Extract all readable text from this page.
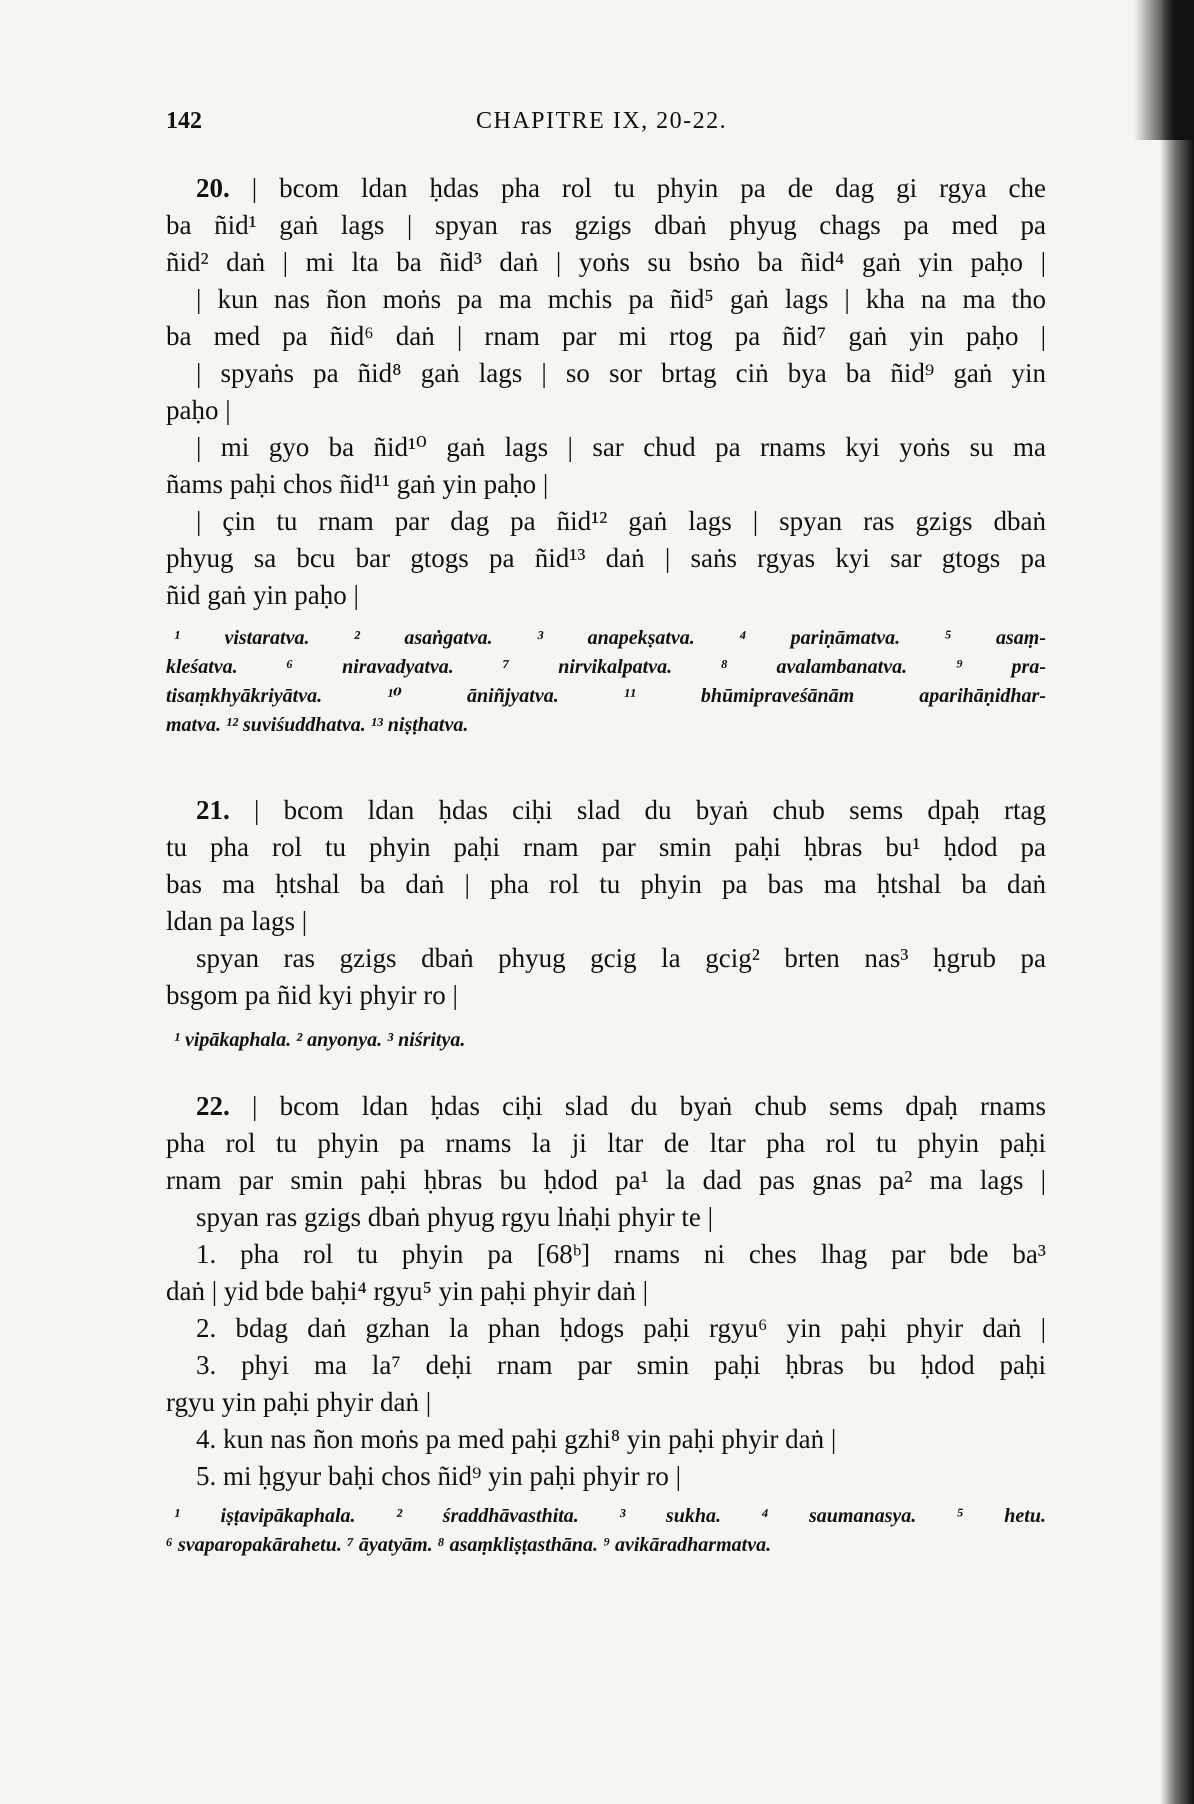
142	CHAPITRE IX, 20-22.
20. | bcom ldan ḥdas pha rol tu phyin pa de dag gi rgya che
ba ñid¹ gaṅ lags | spyan ras gzigs dbaṅ phyug chags pa med pa
ñid² daṅ | mi lta ba ñid³ daṅ | yoṅs su bsṅo ba ñid⁴ gaṅ yin paḥo |
| kun nas ñon moṅs pa ma mchis pa ñid⁵ gaṅ lags | kha na ma tho
ba med pa ñid⁶ daṅ | rnam par mi rtog pa ñid⁷ gaṅ yin paḥo |
| spyaṅs pa ñid⁸ gaṅ lags | so sor brtag ciṅ bya ba ñid⁹ gaṅ yin
paḥo |
| mi gyo ba ñid¹⁰ gaṅ lags | sar chud pa rnams kyi yoṅs su ma
ñams paḥi chos ñid¹¹ gaṅ yin paḥo |
| çin tu rnam par dag pa ñid¹² gaṅ lags | spyan ras gzigs dbaṅ
phyug sa bcu bar gtogs pa ñid¹³ daṅ | saṅs rgyas kyi sar gtogs pa
ñid gaṅ yin paḥo |
¹ vistaratva. ² asaṅgatva. ³ anapekṣatva. ⁴ pariṇāmatva. ⁵ asaṃ-
kleśatva. ⁶ niravadyatva. ⁷ nirvikalpatva. ⁸ avalambanatva. ⁹ pra-
tisaṃkhyākriyātva. ¹⁰ āniñjyatva. ¹¹ bhūmipraveśānām aparihāṇidhar-
matva. ¹² suviśuddhatva. ¹³ niṣṭhatva.
21. | bcom ldan ḥdas ciḥi slad du byaṅ chub sems dpaḥ rtag
tu pha rol tu phyin paḥi rnam par smin paḥi ḥbras bu¹ ḥdod pa
bas ma ḥtshal ba daṅ | pha rol tu phyin pa bas ma ḥtshal ba daṅ
ldan pa lags |
spyan ras gzigs dbaṅ phyug gcig la gcig² brten nas³ ḥgrub pa
bsgom pa ñid kyi phyir ro |
¹ vipākaphala. ² anyonya. ³ niśritya.
22. | bcom ldan ḥdas ciḥi slad du byaṅ chub sems dpaḥ rnams
pha rol tu phyin pa rnams la ji ltar de ltar pha rol tu phyin paḥi
rnam par smin paḥi ḥbras bu ḥdod pa¹ la dad pas gnas pa² ma lags |
spyan ras gzigs dbaṅ phyug rgyu lṅaḥi phyir te |
1. pha rol tu phyin pa [68ᵇ] rnams ni ches lhag par bde ba³
daṅ | yid bde baḥi⁴ rgyu⁵ yin paḥi phyir daṅ |
2. bdag daṅ gzhan la phan ḥdogs paḥi rgyu⁶ yin paḥi phyir daṅ |
3. phyi ma la⁷ deḥi rnam par smin paḥi ḥbras bu ḥdod paḥi
rgyu yin paḥi phyir daṅ |
4. kun nas ñon moṅs pa med paḥi gzhi⁸ yin paḥi phyir daṅ |
5. mi ḥgyur baḥi chos ñid⁹ yin paḥi phyir ro |
¹ iṣṭavipākaphala. ² śraddhāvasthita. ³ sukha. ⁴ saumanasya. ⁵ hetu.
⁶ svaparopakārahetu. ⁷ āyatyām. ⁸ asaṃkliṣṭasthāna. ⁹ avikāradharmatva.
